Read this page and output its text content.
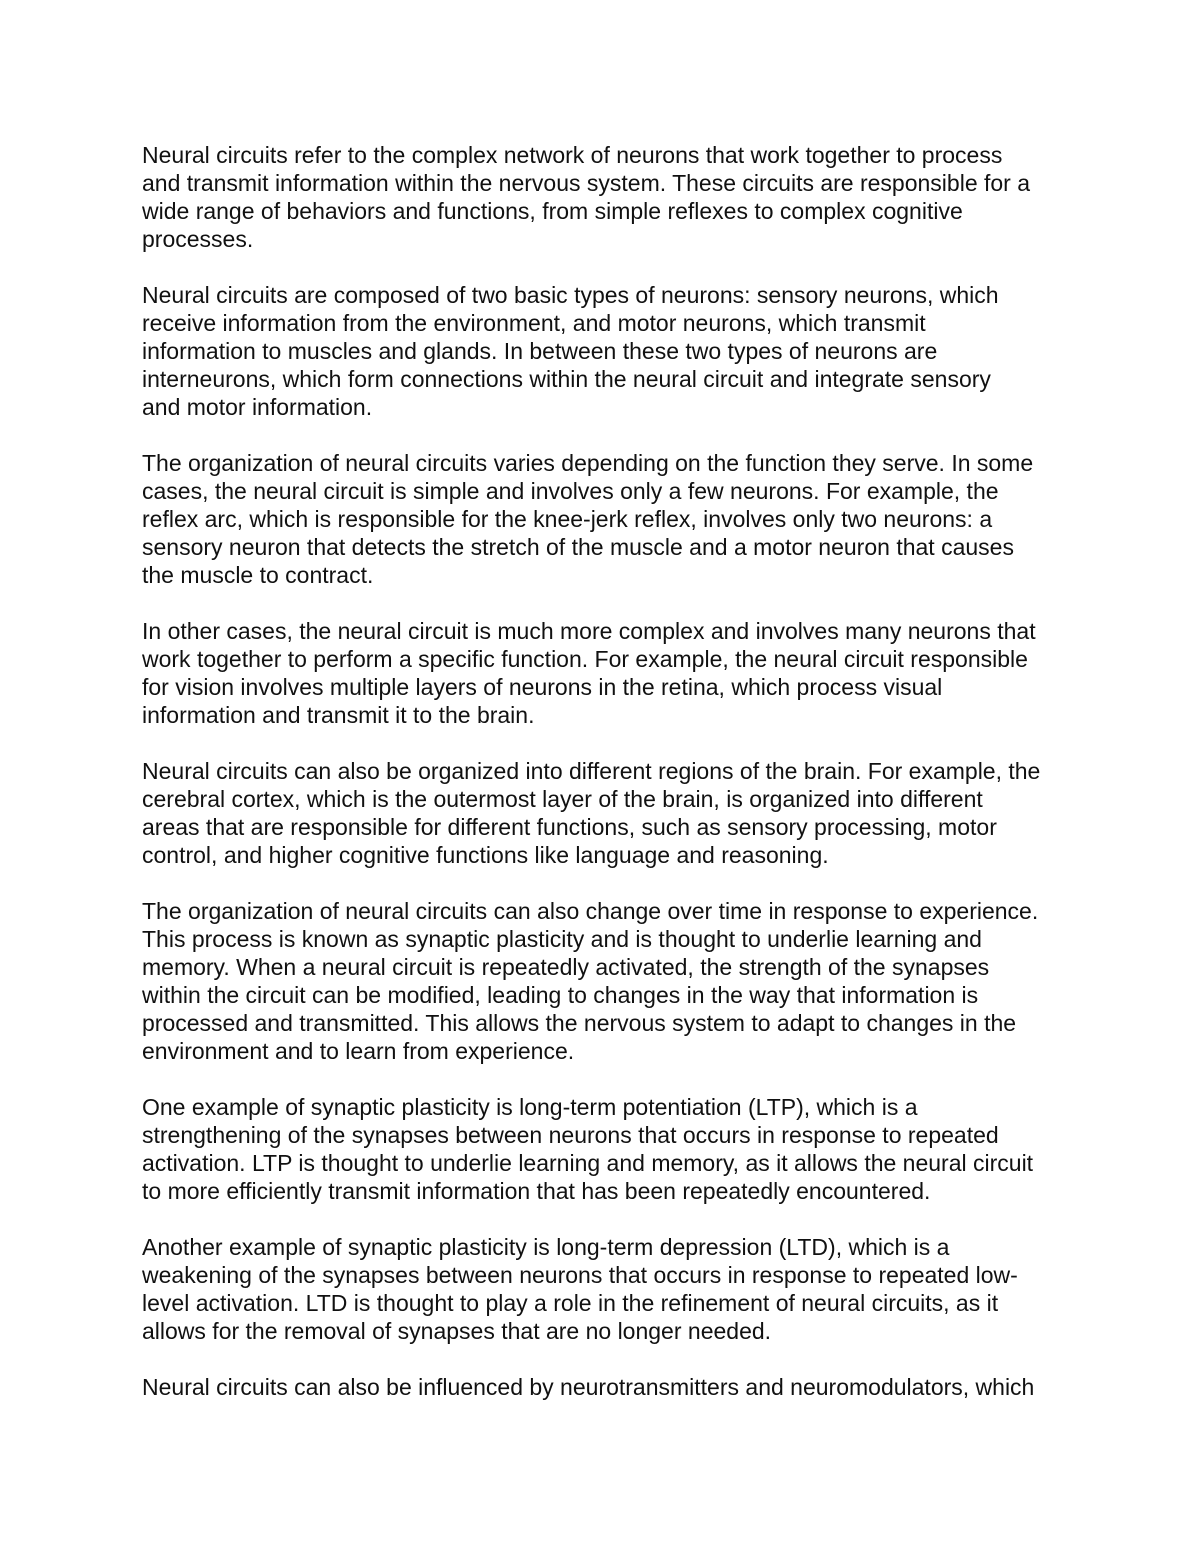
Neural circuits refer to the complex network of neurons that work together to process
and transmit information within the nervous system. These circuits are responsible for a
wide range of behaviors and functions, from simple reflexes to complex cognitive
processes.

Neural circuits are composed of two basic types of neurons: sensory neurons, which
receive information from the environment, and motor neurons, which transmit
information to muscles and glands. In between these two types of neurons are
interneurons, which form connections within the neural circuit and integrate sensory
and motor information.

The organization of neural circuits varies depending on the function they serve. In some
cases, the neural circuit is simple and involves only a few neurons. For example, the
reflex arc, which is responsible for the knee-jerk reflex, involves only two neurons: a
sensory neuron that detects the stretch of the muscle and a motor neuron that causes
the muscle to contract.

In other cases, the neural circuit is much more complex and involves many neurons that
work together to perform a specific function. For example, the neural circuit responsible
for vision involves multiple layers of neurons in the retina, which process visual
information and transmit it to the brain.

Neural circuits can also be organized into different regions of the brain. For example, the
cerebral cortex, which is the outermost layer of the brain, is organized into different
areas that are responsible for different functions, such as sensory processing, motor
control, and higher cognitive functions like language and reasoning.

The organization of neural circuits can also change over time in response to experience.
This process is known as synaptic plasticity and is thought to underlie learning and
memory. When a neural circuit is repeatedly activated, the strength of the synapses
within the circuit can be modified, leading to changes in the way that information is
processed and transmitted. This allows the nervous system to adapt to changes in the
environment and to learn from experience.

One example of synaptic plasticity is long-term potentiation (LTP), which is a
strengthening of the synapses between neurons that occurs in response to repeated
activation. LTP is thought to underlie learning and memory, as it allows the neural circuit
to more efficiently transmit information that has been repeatedly encountered.

Another example of synaptic plasticity is long-term depression (LTD), which is a
weakening of the synapses between neurons that occurs in response to repeated low-
level activation. LTD is thought to play a role in the refinement of neural circuits, as it
allows for the removal of synapses that are no longer needed.

Neural circuits can also be influenced by neurotransmitters and neuromodulators, which
